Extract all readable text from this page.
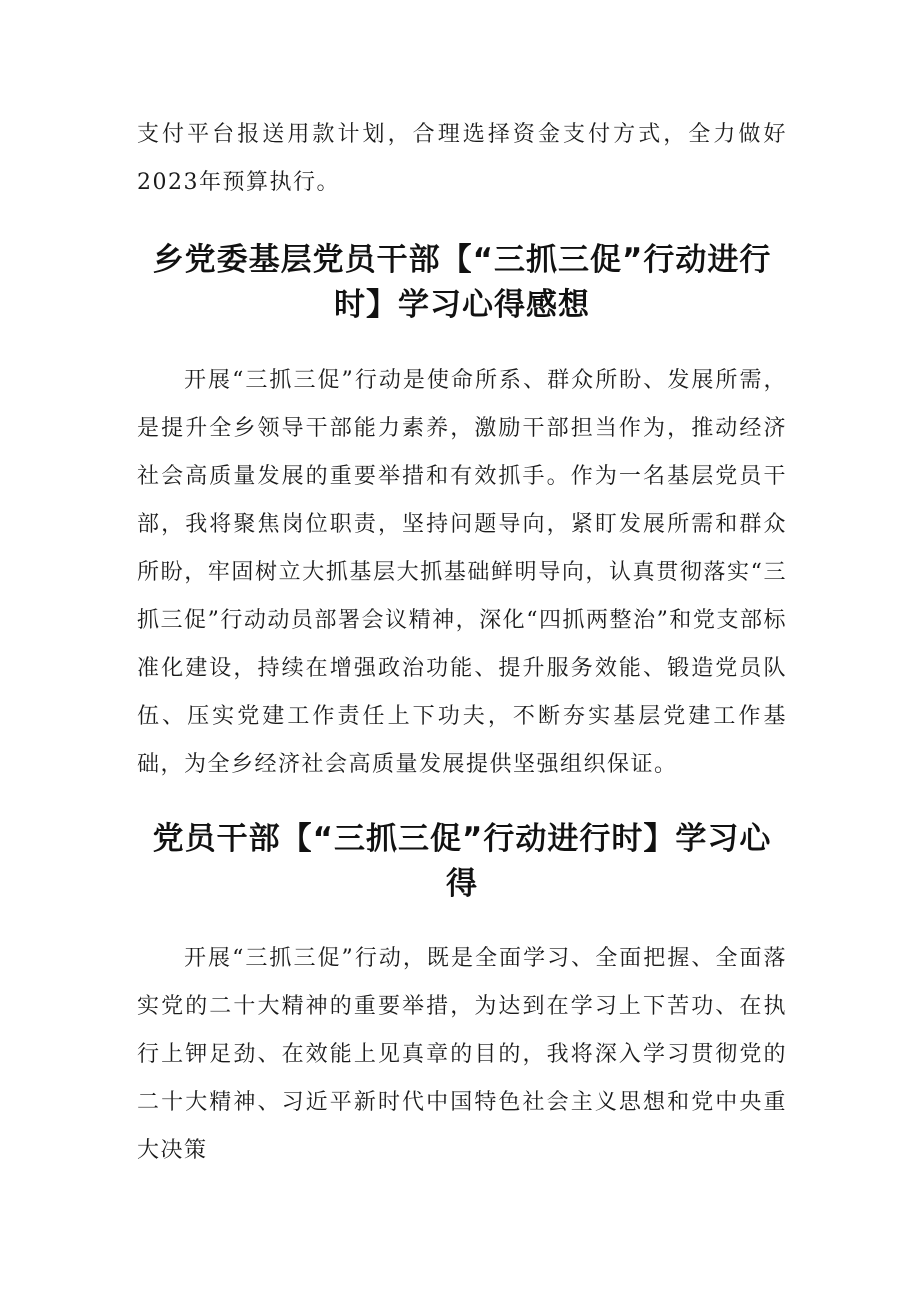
支付平台报送用款计划，合理选择资金支付方式，全力做好2023年预算执行。

乡党委基层党员干部【“三抓三促”行动进行时】学习心得感想

开展“三抓三促”行动是使命所系、群众所盼、发展所需，是提升全乡领导干部能力素养，激励干部担当作为，推动经济社会高质量发展的重要举措和有效抓手。作为一名基层党员干部，我将聚焦岗位职责，坚持问题导向，紧盯发展所需和群众所盼，牢固树立大抓基层大抓基础鲜明导向，认真贯彻落实“三抓三促”行动动员部署会议精神，深化“四抓两整治”和党支部标准化建设，持续在增强政治功能、提升服务效能、锻造党员队伍、压实党建工作责任上下功夫，不断夯实基层党建工作基础，为全乡经济社会高质量发展提供坚强组织保证。

党员干部【“三抓三促”行动进行时】学习心得

开展“三抓三促”行动，既是全面学习、全面把握、全面落实党的二十大精神的重要举措，为达到在学习上下苦功、在执行上钾足劲、在效能上见真章的目的，我将深入学习贯彻党的二十大精神、习近平新时代中国特色社会主义思想和党中央重大决策
